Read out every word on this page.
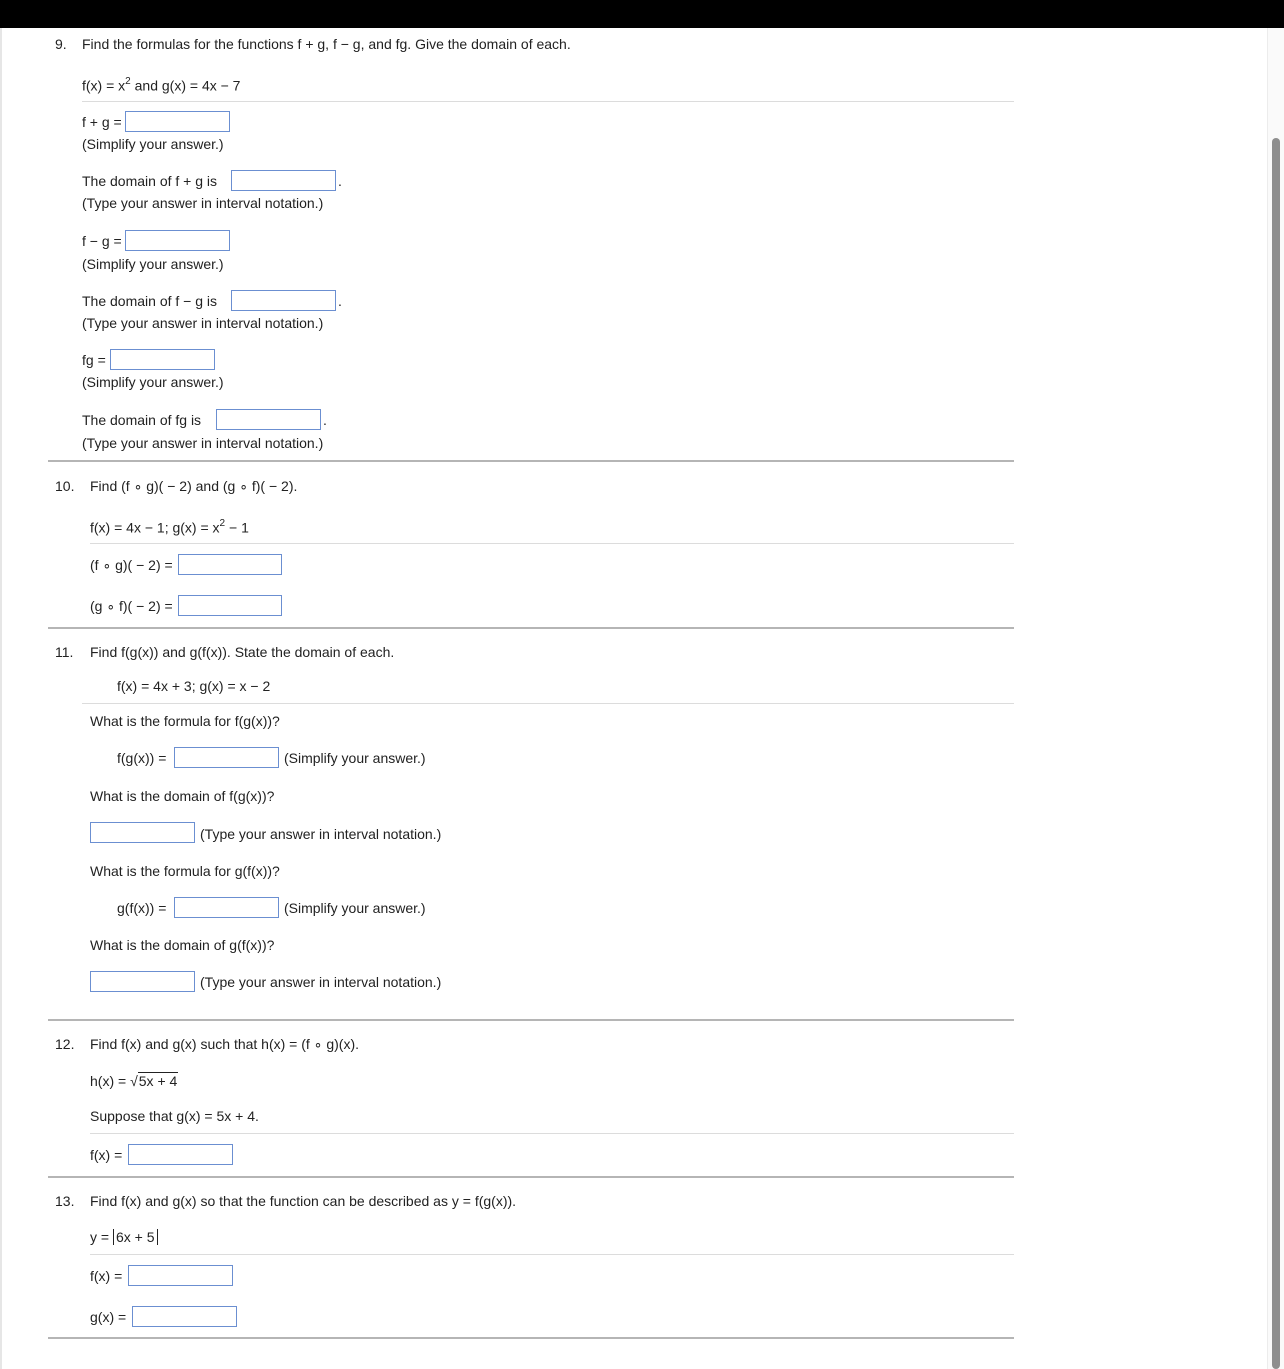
9. Find the formulas for the functions f + g, f − g, and fg. Give the domain of each.
$f(x) = x^2$ and g(x) = 4x − 7
f + g =
(Simplify your answer.)
The domain of f + g is	.
(Type your answer in interval notation.)
f − g =
(Simplify your answer.)
The domain of f − g is	.
(Type your answer in interval notation.)
fg =
(Simplify your answer.)
The domain of fg is	.
(Type your answer in interval notation.)
10. Find (f ∘ g)( − 2) and (g ∘ f)( − 2).
f(x) = 4x − 1; $g(x) = x^2 - 1$
(f ∘ g)( − 2) =
(g ∘ f)( − 2) =
11. Find f(g(x)) and g(f(x)). State the domain of each.
f(x) = 4x + 3; g(x) = x − 2
What is the formula for f(g(x))?
f(g(x)) =	(Simplify your answer.)
What is the domain of f(g(x))?
(Type your answer in interval notation.)
What is the formula for g(f(x))?
g(f(x)) =	(Simplify your answer.)
What is the domain of g(f(x))?
(Type your answer in interval notation.)
12. Find f(x) and g(x) such that h(x) = (f ∘ g)(x).
h(x) = √5x + 4
Suppose that g(x) = 5x + 4.
f(x) =
13. Find f(x) and g(x) so that the function can be described as y = f(g(x)).
y = 6x + 5
f(x) =
g(x) =
